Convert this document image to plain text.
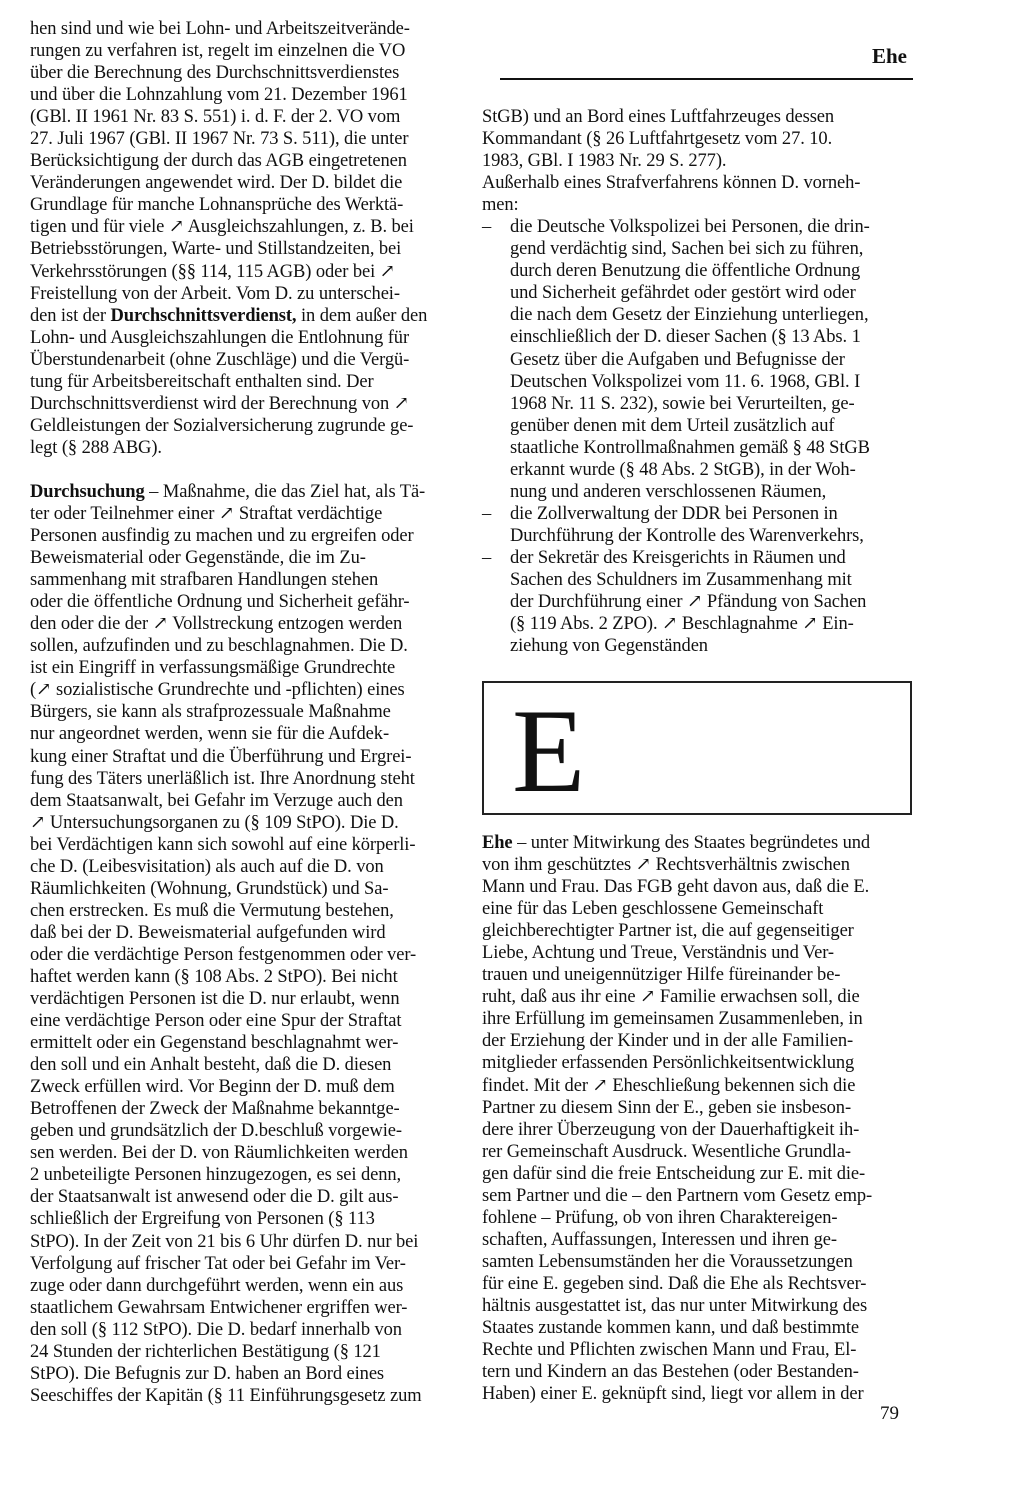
Ehe
hen sind und wie bei Lohn- und Arbeitszeitverände-
rungen zu verfahren ist, regelt im einzelnen die VO
über die Berechnung des Durchschnittsverdienstes
und über die Lohnzahlung vom 21. Dezember 1961
(GBl. II 1961 Nr. 83 S. 551) i. d. F. der 2. VO vom
27. Juli 1967 (GBl. II 1967 Nr. 73 S. 511), die unter
Berücksichtigung der durch das AGB eingetretenen
Veränderungen angewendet wird. Der D. bildet die
Grundlage für manche Lohnansprüche des Werktä-
tigen und für viele ↗ Ausgleichszahlungen, z. B. bei
Betriebsstörungen, Warte- und Stillstandzeiten, bei
Verkehrsstörungen (§§ 114, 115 AGB) oder bei ↗
Freistellung von der Arbeit. Vom D. zu unterschei-
den ist der Durchschnittsverdienst, in dem außer den
Lohn- und Ausgleichszahlungen die Entlohnung für
Überstundenarbeit (ohne Zuschläge) und die Vergü-
tung für Arbeitsbereitschaft enthalten sind. Der
Durchschnittsverdienst wird der Berechnung von ↗
Geldleistungen der Sozialversicherung zugrunde ge-
legt (§ 288 ABG).
Durchsuchung – Maßnahme, die das Ziel hat, als Tä-
ter oder Teilnehmer einer ↗ Straftat verdächtige
Personen ausfindig zu machen und zu ergreifen oder
Beweismaterial oder Gegenstände, die im Zu-
sammenhang mit strafbaren Handlungen stehen
oder die öffentliche Ordnung und Sicherheit gefähr-
den oder die der ↗ Vollstreckung entzogen werden
sollen, aufzufinden und zu beschlagnahmen. Die D.
ist ein Eingriff in verfassungsmäßige Grundrechte
(↗ sozialistische Grundrechte und -pflichten) eines
Bürgers, sie kann als strafprozessuale Maßnahme
nur angeordnet werden, wenn sie für die Aufdek-
kung einer Straftat und die Überführung und Ergrei-
fung des Täters unerläßlich ist. Ihre Anordnung steht
dem Staatsanwalt, bei Gefahr im Verzuge auch den
↗ Untersuchungsorganen zu (§ 109 StPO). Die D.
bei Verdächtigen kann sich sowohl auf eine körperli-
che D. (Leibesvisitation) als auch auf die D. von
Räumlichkeiten (Wohnung, Grundstück) und Sa-
chen erstrecken. Es muß die Vermutung bestehen,
daß bei der D. Beweismaterial aufgefunden wird
oder die verdächtige Person festgenommen oder ver-
haftet werden kann (§ 108 Abs. 2 StPO). Bei nicht
verdächtigen Personen ist die D. nur erlaubt, wenn
eine verdächtige Person oder eine Spur der Straftat
ermittelt oder ein Gegenstand beschlagnahmt wer-
den soll und ein Anhalt besteht, daß die D. diesen
Zweck erfüllen wird. Vor Beginn der D. muß dem
Betroffenen der Zweck der Maßnahme bekanntge-
geben und grundsätzlich der D.beschluß vorgewie-
sen werden. Bei der D. von Räumlichkeiten werden
2 unbeteiligte Personen hinzugezogen, es sei denn,
der Staatsanwalt ist anwesend oder die D. gilt aus-
schließlich der Ergreifung von Personen (§ 113
StPO). In der Zeit von 21 bis 6 Uhr dürfen D. nur bei
Verfolgung auf frischer Tat oder bei Gefahr im Ver-
zuge oder dann durchgeführt werden, wenn ein aus
staatlichem Gewahrsam Entwichener ergriffen wer-
den soll (§ 112 StPO). Die D. bedarf innerhalb von
24 Stunden der richterlichen Bestätigung (§ 121
StPO). Die Befugnis zur D. haben an Bord eines
Seeschiffes der Kapitän (§ 11 Einführungsgesetz zum
StGB) und an Bord eines Luftfahrzeuges dessen
Kommandant (§ 26 Luftfahrtgesetz vom 27. 10.
1983, GBl. I 1983 Nr. 29 S. 277).
Außerhalb eines Strafverfahrens können D. vorneh-
men:
– die Deutsche Volkspolizei bei Personen, die drin-
gend verdächtig sind, Sachen bei sich zu führen,
durch deren Benutzung die öffentliche Ordnung
und Sicherheit gefährdet oder gestört wird oder
die nach dem Gesetz der Einziehung unterliegen,
einschließlich der D. dieser Sachen (§ 13 Abs. 1
Gesetz über die Aufgaben und Befugnisse der
Deutschen Volkspolizei vom 11. 6. 1968, GBl. I
1968 Nr. 11 S. 232), sowie bei Verurteilten, ge-
genüber denen mit dem Urteil zusätzlich auf
staatliche Kontrollmaßnahmen gemäß § 48 StGB
erkannt wurde (§ 48 Abs. 2 StGB), in der Woh-
nung und anderen verschlossenen Räumen,
– die Zollverwaltung der DDR bei Personen in
Durchführung der Kontrolle des Warenverkehrs,
– der Sekretär des Kreisgerichts in Räumen und
Sachen des Schuldners im Zusammenhang mit
der Durchführung einer ↗ Pfändung von Sachen
(§ 119 Abs. 2 ZPO). ↗ Beschlagnahme ↗ Ein-
ziehung von Gegenständen
E
Ehe – unter Mitwirkung des Staates begründetes und
von ihm geschütztes ↗ Rechtsverhältnis zwischen
Mann und Frau. Das FGB geht davon aus, daß die E.
eine für das Leben geschlossene Gemeinschaft
gleichberechtigter Partner ist, die auf gegenseitiger
Liebe, Achtung und Treue, Verständnis und Ver-
trauen und uneigennütziger Hilfe füreinander be-
ruht, daß aus ihr eine ↗ Familie erwachsen soll, die
ihre Erfüllung im gemeinsamen Zusammenleben, in
der Erziehung der Kinder und in der alle Familien-
mitglieder erfassenden Persönlichkeitsentwicklung
findet. Mit der ↗ Eheschließung bekennen sich die
Partner zu diesem Sinn der E., geben sie insbeson-
dere ihrer Überzeugung von der Dauerhaftigkeit ih-
rer Gemeinschaft Ausdruck. Wesentliche Grundla-
gen dafür sind die freie Entscheidung zur E. mit die-
sem Partner und die – den Partnern vom Gesetz emp-
fohlene – Prüfung, ob von ihren Charaktereigen-
schaften, Auffassungen, Interessen und ihren ge-
samten Lebensumständen her die Voraussetzungen
für eine E. gegeben sind. Daß die Ehe als Rechtsver-
hältnis ausgestattet ist, das nur unter Mitwirkung des
Staates zustande kommen kann, und daß bestimmte
Rechte und Pflichten zwischen Mann und Frau, El-
tern und Kindern an das Bestehen (oder Bestanden-
Haben) einer E. geknüpft sind, liegt vor allem in der
79
